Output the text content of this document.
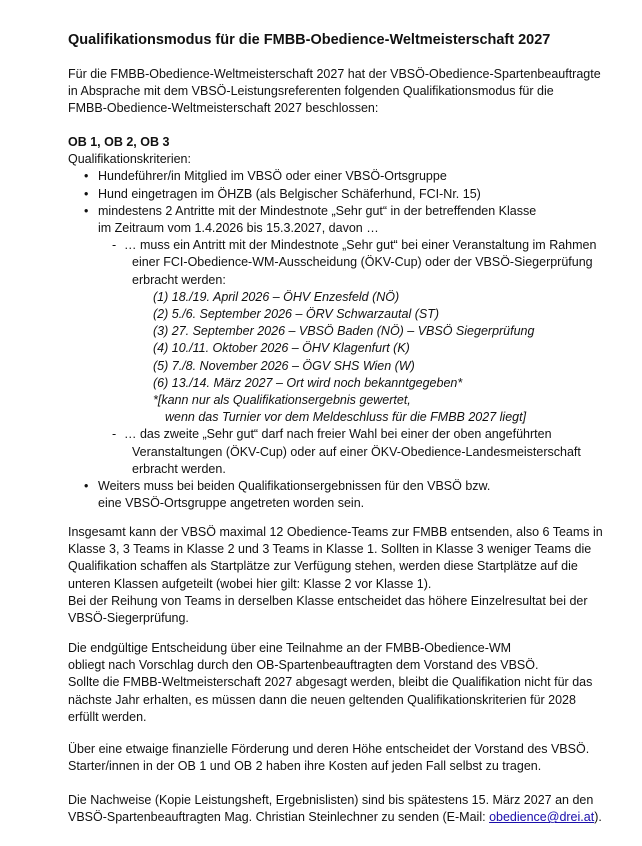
Qualifikationsmodus für die FMBB-Obedience-Weltmeisterschaft 2027
Für die FMBB-Obedience-Weltmeisterschaft 2027 hat der VBSÖ-Obedience-Spartenbeauftragte
in Absprache mit dem VBSÖ-Leistungsreferenten folgenden Qualifikationsmodus für die
FMBB-Obedience-Weltmeisterschaft 2027 beschlossen:
OB 1, OB 2, OB 3
Qualifikationskriterien:
• Hundeführer/in Mitglied im VBSÖ oder einer VBSÖ-Ortsgruppe
• Hund eingetragen im ÖHZB (als Belgischer Schäferhund, FCI-Nr. 15)
• mindestens 2 Antritte mit der Mindestnote „Sehr gut“ in der betreffenden Klasse
im Zeitraum vom 1.4.2026 bis 15.3.2027, davon …
- … muss ein Antritt mit der Mindestnote „Sehr gut“ bei einer Veranstaltung im Rahmen
einer FCI-Obedience-WM-Ausscheidung (ÖKV-Cup) oder der VBSÖ-Siegerprüfung
erbracht werden:
(1) 18./19. April 2026 – ÖHV Enzesfeld (NÖ)
(2) 5./6. September 2026 – ÖRV Schwarzautal (ST)
(3) 27. September 2026 – VBSÖ Baden (NÖ) – VBSÖ Siegerprüfung
(4) 10./11. Oktober 2026 – ÖHV Klagenfurt (K)
(5) 7./8. November 2026 – ÖGV SHS Wien (W)
(6) 13./14. März 2027 – Ort wird noch bekanntgegeben*
*[kann nur als Qualifikationsergebnis gewertet,
wenn das Turnier vor dem Meldeschluss für die FMBB 2027 liegt]
- … das zweite „Sehr gut“ darf nach freier Wahl bei einer der oben angeführten
Veranstaltungen (ÖKV-Cup) oder auf einer ÖKV-Obedience-Landesmeisterschaft
erbracht werden.
• Weiters muss bei beiden Qualifikationsergebnissen für den VBSÖ bzw.
eine VBSÖ-Ortsgruppe angetreten worden sein.
Insgesamt kann der VBSÖ maximal 12 Obedience-Teams zur FMBB entsenden, also 6 Teams in
Klasse 3, 3 Teams in Klasse 2 und 3 Teams in Klasse 1. Sollten in Klasse 3 weniger Teams die
Qualifikation schaffen als Startplätze zur Verfügung stehen, werden diese Startplätze auf die
unteren Klassen aufgeteilt (wobei hier gilt: Klasse 2 vor Klasse 1).
Bei der Reihung von Teams in derselben Klasse entscheidet das höhere Einzelresultat bei der
VBSÖ-Siegerprüfung.
Die endgültige Entscheidung über eine Teilnahme an der FMBB-Obedience-WM
obliegt nach Vorschlag durch den OB-Spartenbeauftragten dem Vorstand des VBSÖ.
Sollte die FMBB-Weltmeisterschaft 2027 abgesagt werden, bleibt die Qualifikation nicht für das
nächste Jahr erhalten, es müssen dann die neuen geltenden Qualifikationskriterien für 2028
erfüllt werden.
Über eine etwaige finanzielle Förderung und deren Höhe entscheidet der Vorstand des VBSÖ.
Starter/innen in der OB 1 und OB 2 haben ihre Kosten auf jeden Fall selbst zu tragen.
Die Nachweise (Kopie Leistungsheft, Ergebnislisten) sind bis spätestens 15. März 2027 an den
VBSÖ-Spartenbeauftragten Mag. Christian Steinlechner zu senden (E-Mail: obedience@drei.at).
